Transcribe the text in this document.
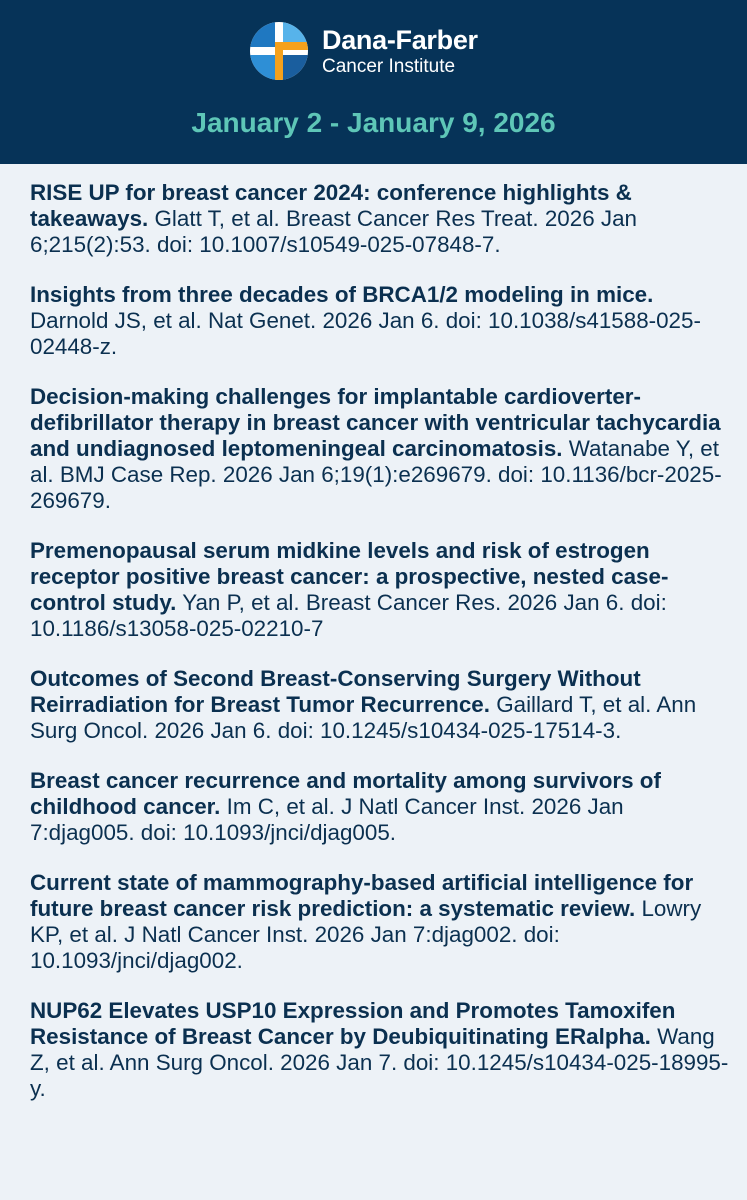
Dana-Farber
Cancer Institute
January 2 - January 9, 2026
RISE UP for breast cancer 2024: conference highlights & takeaways. Glatt T, et al. Breast Cancer Res Treat. 2026 Jan 6;215(2):53. doi: 10.1007/s10549-025-07848-7.
Insights from three decades of BRCA1/2 modeling in mice. Darnold JS, et al. Nat Genet. 2026 Jan 6. doi: 10.1038/s41588-025-02448-z.
Decision-making challenges for implantable cardioverter-defibrillator therapy in breast cancer with ventricular tachycardia and undiagnosed leptomeningeal carcinomatosis. Watanabe Y, et al. BMJ Case Rep. 2026 Jan 6;19(1):e269679. doi: 10.1136/bcr-2025-269679.
Premenopausal serum midkine levels and risk of estrogen receptor positive breast cancer: a prospective, nested case-control study. Yan P, et al. Breast Cancer Res. 2026 Jan 6. doi: 10.1186/s13058-025-02210-7
Outcomes of Second Breast-Conserving Surgery Without Reirradiation for Breast Tumor Recurrence. Gaillard T, et al. Ann Surg Oncol. 2026 Jan 6. doi: 10.1245/s10434-025-17514-3.
Breast cancer recurrence and mortality among survivors of childhood cancer. Im C, et al. J Natl Cancer Inst. 2026 Jan 7:djag005. doi: 10.1093/jnci/djag005.
Current state of mammography-based artificial intelligence for future breast cancer risk prediction: a systematic review. Lowry KP, et al. J Natl Cancer Inst. 2026 Jan 7:djag002. doi: 10.1093/jnci/djag002.
NUP62 Elevates USP10 Expression and Promotes Tamoxifen Resistance of Breast Cancer by Deubiquitinating ERalpha. Wang Z, et al. Ann Surg Oncol. 2026 Jan 7. doi: 10.1245/s10434-025-18995-y.
